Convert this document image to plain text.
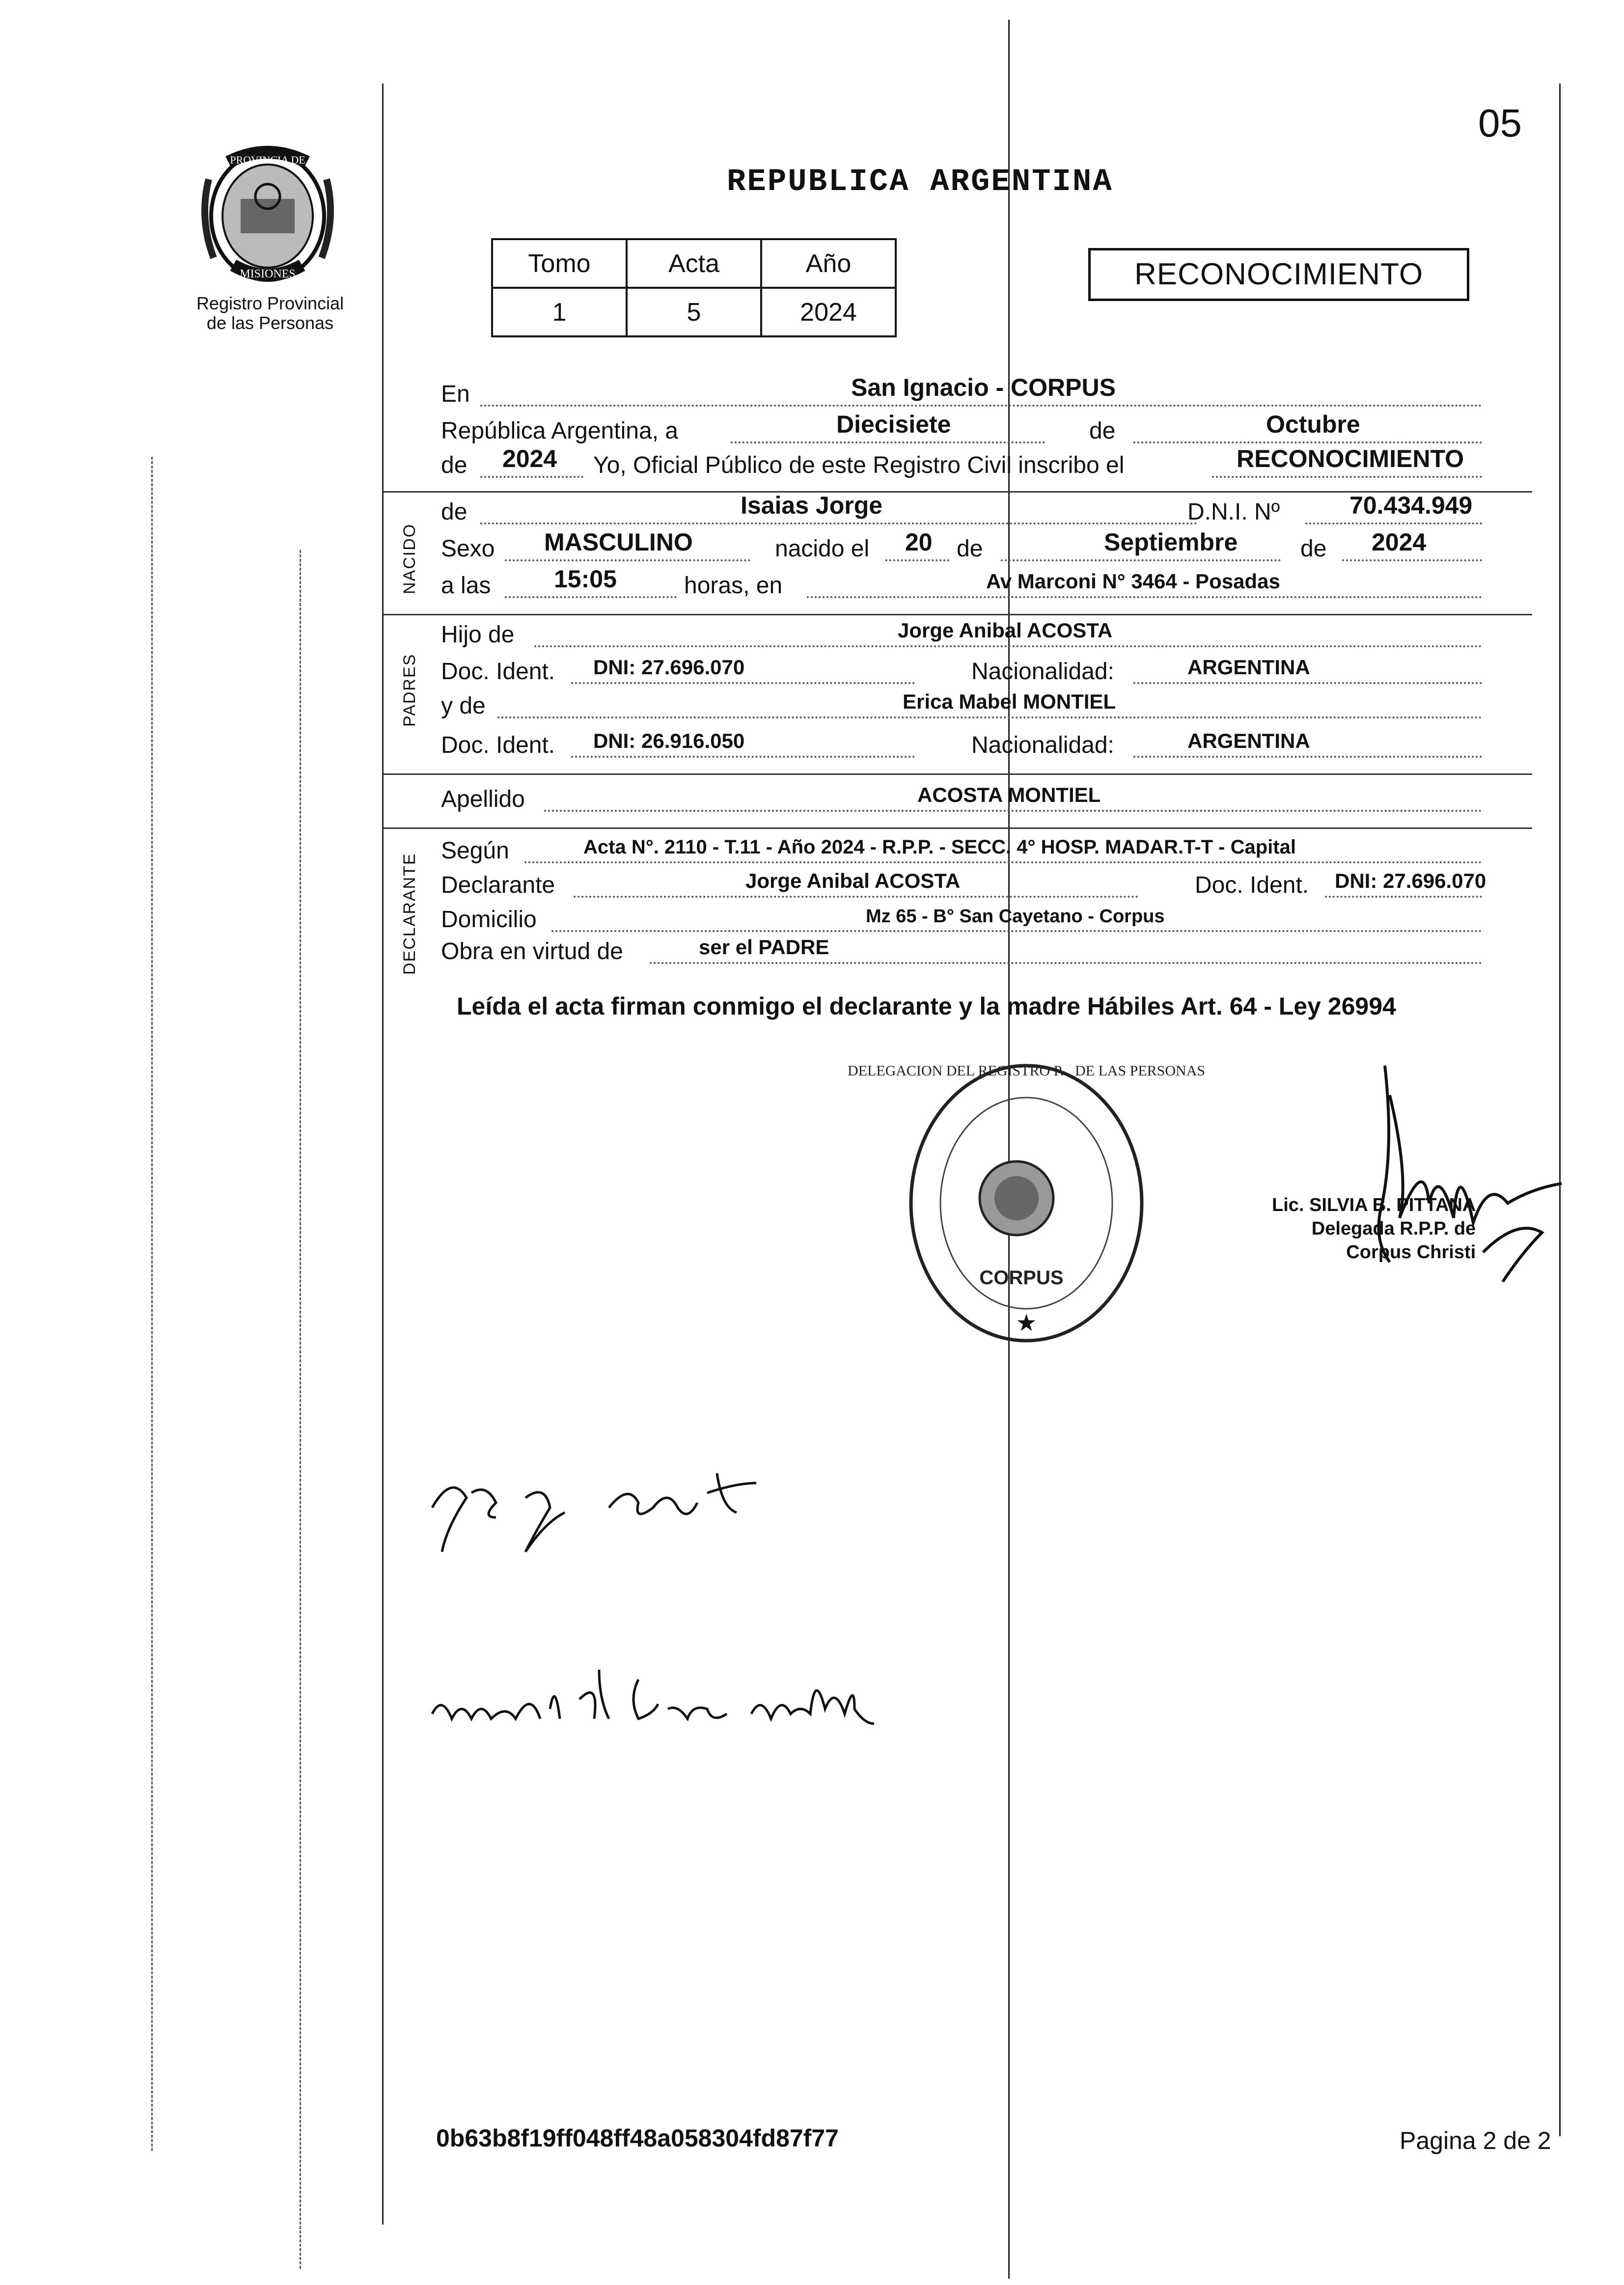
05
PROVINCIA DE
MISIONES
Registro Provincial
de las Personas
REPUBLICA ARGENTINA
Tomo	Acta	Año
1	5	2024
RECONOCIMIENTO
En	San Ignacio - CORPUS
República Argentina, a	Diecisiete	de	Octubre
de 2024 Yo, Oficial Público de este Registro Civil inscribo el	RECONOCIMIENTO
NACIDO
de	Isaias Jorge	D.N.I. Nº	70.434.949
Sexo MASCULINO	nacido el 20 de	Septiembre	de 2024
a las	15:05	horas, en	Av Marconi N° 3464 - Posadas
PADRES
Hijo de	Jorge Anibal ACOSTA
Doc. Ident. DNI: 27.696.070	Nacionalidad:	ARGENTINA
y de	Erica Mabel MONTIEL
Doc. Ident. DNI: 26.916.050	Nacionalidad:	ARGENTINA
Apellido	ACOSTA MONTIEL
DECLARANTE
Según	Acta N°. 2110 - T.11 - Año 2024 - R.P.P. - SECC. 4° HOSP. MADAR.T-T - Capital
Declarante	Jorge Anibal ACOSTA	Doc. Ident. DNI: 27.696.070
Domicilio	Mz 65 - B° San Cayetano - Corpus
Obra en virtud de	ser el PADRE
Leída el acta firman conmigo el declarante y la madre Hábiles Art. 64 - Ley 26994
DELEGACION DEL REGISTRO P... DE LAS PERSONAS
CORPUS
★
Lic. SILVIA B. PITTANA
Delegada R.P.P. de
Corpus Christi
0b63b8f19ff048ff48a058304fd87f77	Pagina 2 de 2
